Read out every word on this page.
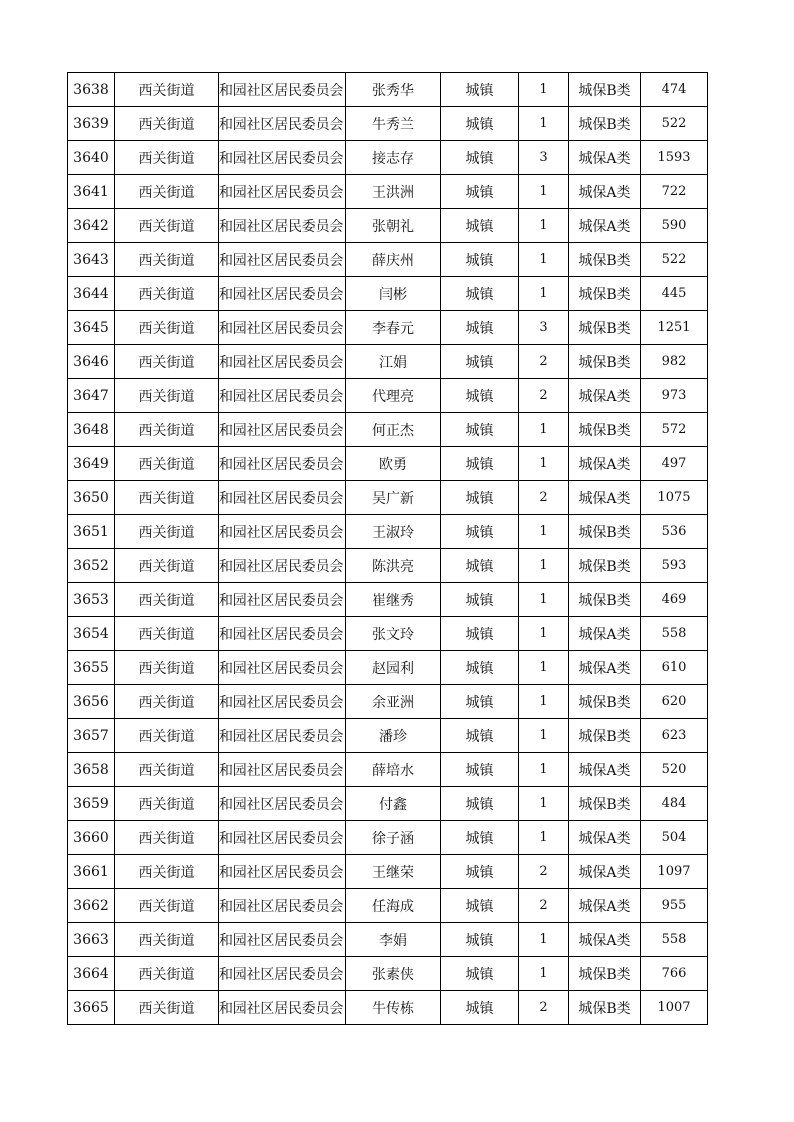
3638	西关街道	和园社区居民委员会	张秀华	城镇	1	城保B类	474
3639	西关街道	和园社区居民委员会	牛秀兰	城镇	1	城保B类	522
3640	西关街道	和园社区居民委员会	接志存	城镇	3	城保A类	1593
3641	西关街道	和园社区居民委员会	王洪洲	城镇	1	城保A类	722
3642	西关街道	和园社区居民委员会	张朝礼	城镇	1	城保A类	590
3643	西关街道	和园社区居民委员会	薛庆州	城镇	1	城保B类	522
3644	西关街道	和园社区居民委员会	闫彬	城镇	1	城保B类	445
3645	西关街道	和园社区居民委员会	李春元	城镇	3	城保B类	1251
3646	西关街道	和园社区居民委员会	江娟	城镇	2	城保B类	982
3647	西关街道	和园社区居民委员会	代理亮	城镇	2	城保A类	973
3648	西关街道	和园社区居民委员会	何正杰	城镇	1	城保B类	572
3649	西关街道	和园社区居民委员会	欧勇	城镇	1	城保A类	497
3650	西关街道	和园社区居民委员会	吴广新	城镇	2	城保A类	1075
3651	西关街道	和园社区居民委员会	王淑玲	城镇	1	城保B类	536
3652	西关街道	和园社区居民委员会	陈洪亮	城镇	1	城保B类	593
3653	西关街道	和园社区居民委员会	崔继秀	城镇	1	城保B类	469
3654	西关街道	和园社区居民委员会	张文玲	城镇	1	城保A类	558
3655	西关街道	和园社区居民委员会	赵园利	城镇	1	城保A类	610
3656	西关街道	和园社区居民委员会	余亚洲	城镇	1	城保B类	620
3657	西关街道	和园社区居民委员会	潘珍	城镇	1	城保B类	623
3658	西关街道	和园社区居民委员会	薛培水	城镇	1	城保A类	520
3659	西关街道	和园社区居民委员会	付鑫	城镇	1	城保B类	484
3660	西关街道	和园社区居民委员会	徐子涵	城镇	1	城保A类	504
3661	西关街道	和园社区居民委员会	王继荣	城镇	2	城保A类	1097
3662	西关街道	和园社区居民委员会	任海成	城镇	2	城保A类	955
3663	西关街道	和园社区居民委员会	李娟	城镇	1	城保A类	558
3664	西关街道	和园社区居民委员会	张素侠	城镇	1	城保B类	766
3665	西关街道	和园社区居民委员会	牛传栋	城镇	2	城保B类	1007
